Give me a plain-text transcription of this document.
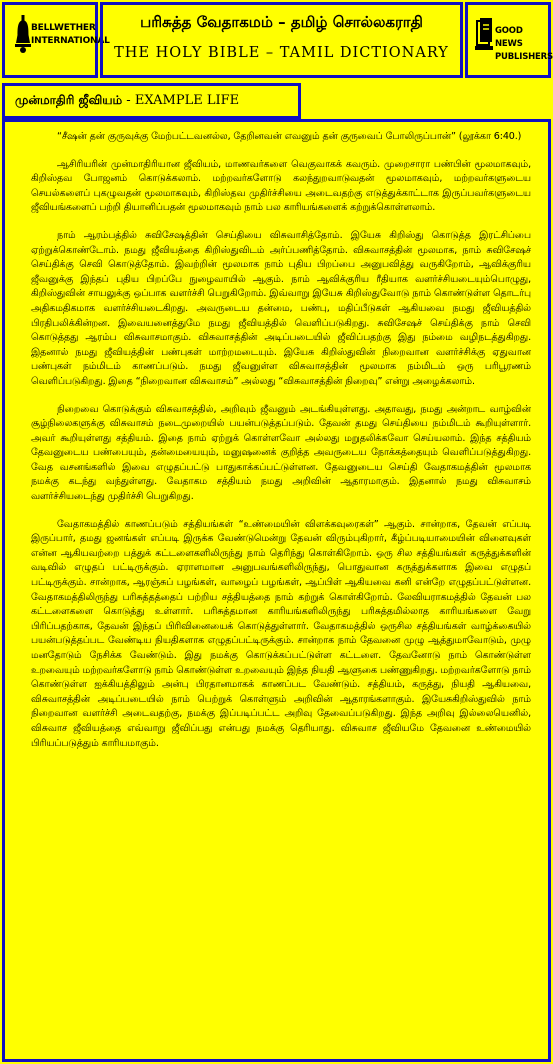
BELLWETHER
INTERNATIONAL
பரிசுத்த வேதாகமம் – தமிழ் சொல்லகராதி
THE HOLY BIBLE – TAMIL DICTIONARY
GOOD NEWS
PUBLISHERS
முன்மாதிரி ஜீவியம் - EXAMPLE LIFE

“சீஷன் தன் குருவுக்கு மேற்பட்டவனல்ல, தேறினவன் எவனும் தன் குருவைப் போலிருப்பான்” (லூக்கா 6:40.)

ஆசிரியரின் முன்மாதிரியான ஜீவியம், மாணவர்களை வெகுவாகக் கவரும். முறைசாரா பண்பின் மூலமாகவும், கிறிஸ்தவ போஜனம் கொடுக்கலாம். மற்றவர்களோடு கலந்துறவாடுவதன் மூலமாகவும், மற்றவர்களுடைய செயல்களைப் புகழுவதன் மூலமாகவும், கிறிஸ்தவ முதிர்ச்சியை அடைவதற்கு எடுத்துக்காட்டாக இருப்பவர்களுடைய ஜீவியங்களைப் பற்றி தியானிப்பதன் மூலமாகவும் நாம் பல காரியங்களைக் கற்றுக்கொள்ளலாம்.

நாம் ஆரம்பத்தில் சுவிசேஷத்தின் செய்தியை விசுவாசித்தோம். இயேசு கிறிஸ்து கொடுத்த இரட்சிப்பை ஏற்றுக்கொண்டோம். நமது ஜீவியத்தை கிறிஸ்துவிடம் அர்ப்பணித்தோம். விசுவாசத்தின் மூலமாக, நாம் சுவிசேஷச் செய்திக்கு செவி கொடுத்தோம். இவற்றின் மூலமாக நாம் புதிய பிறப்பை அனுபவித்து வருகிறோம், ஆவிக்குரிய ஜீவனுக்கு இந்தப் புதிய பிறப்பே நுழைவாயில் ஆகும். நாம் ஆவிக்குரிய ரீதியாக வளர்ச்சியடையும்பொழுது, கிறிஸ்துவின் சாயலுக்கு ஒப்பாக வளர்ச்சி பெறுகிறோம். இவ்வாறு இயேசு கிறிஸ்துவோடு நாம் கொண்டுள்ள தொடர்பு அதிகமதிகமாக வளர்ச்சியடைகிறது. அவருடைய தன்மை, பண்பு, மதிப்பீடுகள் ஆகியவை நமது ஜீவியத்தில் பிரதிபலிக்கின்றன. இவையனைத்துமே நமது ஜீவியத்தில் வெளிப்படுகிறது. சுவிசேஷச் செய்திக்கு நாம் செவி கொடுத்தது ஆரம்ப விசுவாசமாகும். விசுவாசத்தின் அடிப்படையில் ஜீவிப்பதற்கு இது நம்மை வழிநடத்துகிறது. இதனால் நமது ஜீவியத்தின் பண்புகள் மாற்றமடையும். இயேசு கிறிஸ்துவின் நிறைவான வளர்ச்சிக்கு ஏதுவான பண்புகள் நம்மிடம் காணப்படும். நமது ஜீவனுள்ள விசுவாசத்தின் மூலமாக நம்மிடம் ஒரு பரிபூரணம் வெளிப்படுகிறது. இதை “நிறைவான விசுவாசம்” அல்லது “விசுவாசத்தின் நிறைவு” என்று அழைக்கலாம்.

நிறைவை கொடுக்கும் விசுவாசத்தில், அறிவும் ஜீவனும் அடங்கியுள்ளது. அதாவது, நமது அன்றாட வாழ்வின் சூழ்நிலைகளுக்கு விசுவாசம் நடைமுறையில் பயன்படுத்தப்படும். தேவன் தமது செய்தியை நம்மிடம் கூறியுள்ளார். அவர் கூறியுள்ளது சத்தியம். இதை நாம் ஏற்றுக் கொள்ளவோ அல்லது மறுதலிக்கவோ செய்யலாம். இந்த சத்தியம் தேவனுடைய பண்பையும், தன்மையையும், மனுஷனைக் குறித்த அவருடைய நோக்கத்தையும் வெளிப்படுத்துகிறது. வேத வசனங்களில் இவை எழுதப்பட்டு பாதுகாக்கப்பட்டுள்ளன. தேவனுடைய செய்தி வேதாகமத்தின் மூலமாக நமக்கு கடந்து வந்துள்ளது. வேதாகம சத்தியம் நமது அறிவின் ஆதாரமாகும். இதனால் நமது விசுவாசம் வளர்ச்சியடைந்து முதிர்ச்சி பெறுகிறது.

வேதாகமத்தில் காணப்படும் சத்தியங்கள் “உண்மையின் விளக்கவுரைகள்” ஆகும். சான்றாக, தேவன் எப்படி இருப்பார், தமது ஜனங்கள் எப்படி இருக்க வேண்டுமென்று தேவன் விரும்புகிறார், கீழ்ப்படியாமையின் விளைவுகள் என்ன ஆகியவற்றை பத்துக் கட்டளைகளிலிருந்து நாம் தெரிந்து கொள்கிறோம். ஒரு சில சத்தியங்கள் கருத்துக்களின் வடிவில் எழுதப் பட்டிருக்கும். ஏராளமான அனுபவங்களிலிருந்து, பொதுவான கருத்துக்களாக இவை எழுதப் பட்டிருக்கும். சான்றாக, ஆரஞ்சுப் பழங்கள், வாழைப் பழங்கள், ஆப்பிள் ஆகியவை கனி என்றே எழுதப்பட்டுள்ளன. வேதாகமத்திலிருந்து பரிசுத்தத்தைப் பற்றிய சத்தியத்தை நாம் கற்றுக் கொள்கிறோம். லேவியராகமத்தில் தேவன் பல கட்டளைகளை கொடுத்து உள்ளார். பரிசுத்தமான காரியங்களிலிருந்து பரிசுத்தமில்லாத காரியங்களை வேறு பிரிப்பதற்காக, தேவன் இந்தப் பிரிவினையைக் கொடுத்துள்ளார். வேதாகமத்தில் ஒருசில சத்தியங்கள் வாழ்க்கையில் பயன்படுத்தப்பட வேண்டிய நியதிகளாக எழுதப்பட்டிருக்கும். சான்றாக நாம் தேவனை முழு ஆத்துமாவோடும், முழு மனதோடும் நேசிக்க வேண்டும். இது நமக்கு கொடுக்கப்பட்டுள்ள கட்டளை. தேவனோடு நாம் கொண்டுள்ள உறவையும் மற்றவர்களோடு நாம் கொண்டுள்ள உறவையும் இந்த நியதி ஆளுகை பண்ணுகிறது. மற்றவர்களோடு நாம் கொண்டுள்ள ஐக்கியத்திலும் அன்பு பிரதானமாகக் காணப்பட வேண்டும். சத்தியம், கருத்து, நியதி ஆகியவை, விசுவாசத்தின் அடிப்படையில் நாம் பெற்றுக் கொள்ளும் அறிவின் ஆதாரங்களாகும். இயேசுகிறிஸ்துவில் நாம் நிறைவான வளர்ச்சி அடைவதற்கு, நமக்கு இப்படிப்பட்ட அறிவு தேவைப்படுகிறது. இந்த அறிவு இல்லையெனில், விசுவாச ஜீவியத்தை எவ்வாறு ஜீவிப்பது என்பது நமக்கு தெரியாது. விசுவாச ஜீவியமே தேவனை உண்மையில் பிரியப்படுத்தும் காரியமாகும்.
